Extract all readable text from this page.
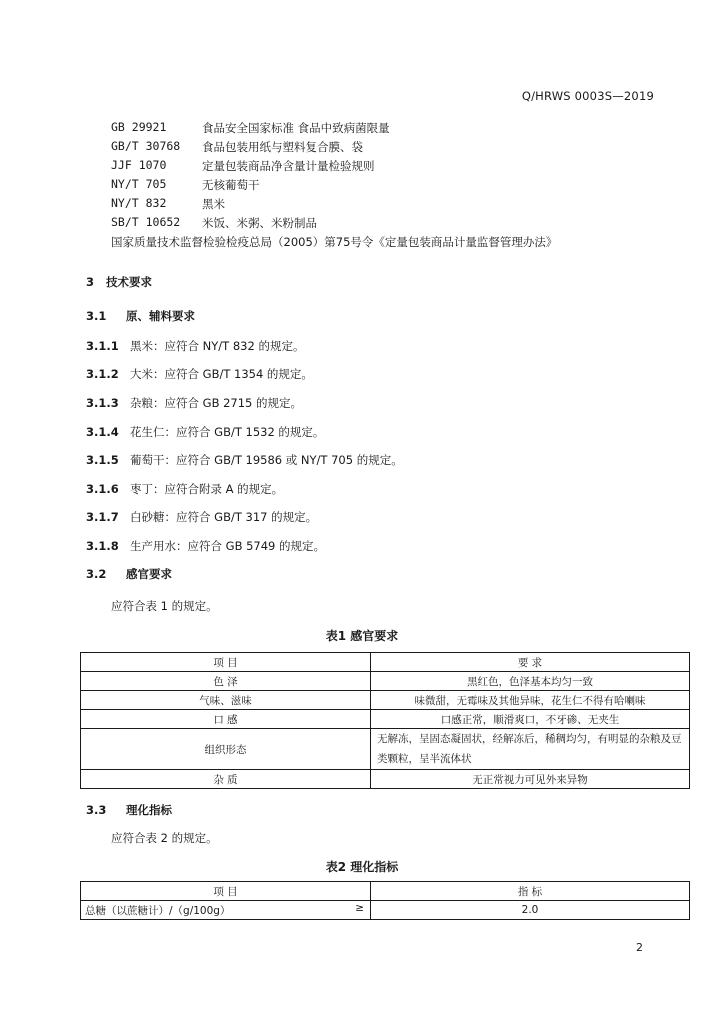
Q/HRWS 0003S—2019
GB 29921	食品安全国家标准 食品中致病菌限量
GB/T 30768 食品包装用纸与塑料复合膜、袋
JJF 1070	定量包装商品净含量计量检验规则
NY/T 705	无核葡萄干
NY/T 832	黑米
SB/T 10652 米饭、米粥、米粉制品
国家质量技术监督检验检疫总局（2005）第75号令《定量包装商品计量监督管理办法》
3 技术要求
3.1 原、辅料要求
3.1.1 黑米：应符合 NY/T 832 的规定。
3.1.2 大米：应符合 GB/T 1354 的规定。
3.1.3 杂粮：应符合 GB 2715 的规定。
3.1.4 花生仁：应符合 GB/T 1532 的规定。
3.1.5 葡萄干：应符合 GB/T 19586 或 NY/T 705 的规定。
3.1.6 枣丁：应符合附录 A 的规定。
3.1.7 白砂糖：应符合 GB/T 317 的规定。
3.1.8 生产用水：应符合 GB 5749 的规定。
3.2 感官要求
应符合表 1 的规定。
表1 感官要求
项 目	要 求
色 泽	黑红色，色泽基本均匀一致
气味、滋味	味微甜，无霉味及其他异味，花生仁不得有哈喇味
口 感	口感正常，顺滑爽口，不牙碜、无夹生
组织形态	无解冻，呈固态凝固状，经解冻后，稀稠均匀，有明显的杂粮及豆类颗粒，呈半流体状
杂 质	无正常视力可见外来异物
3.3 理化指标
应符合表 2 的规定。
表2 理化指标
项 目	指 标
总糖（以蔗糖计）/（g/100g） ≥	2.0
2
